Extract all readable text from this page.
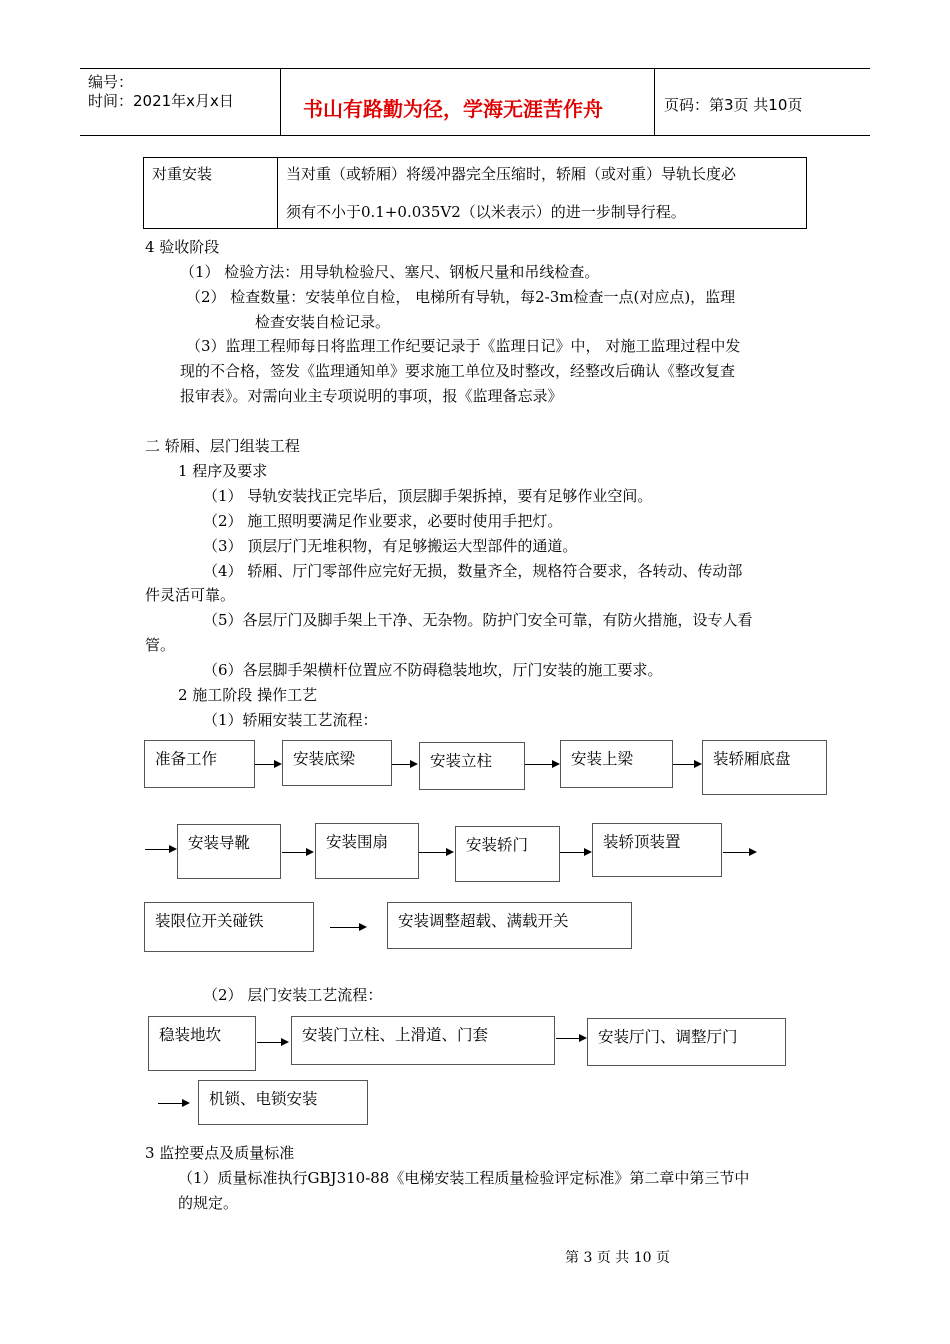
编号：
时间：2021年x月x日	书山有路勤为径，学海无涯苦作舟	页码：第3页 共10页
对重安装	当对重（或轿厢）将缓冲器完全压缩时，轿厢（或对重）导轨长度必
须有不小于0.1+0.035V2（以米表示）的进一步制导行程。
4 验收阶段
（1） 检验方法：用导轨检验尺、塞尺、钢板尺量和吊线检查。
（2） 检查数量：安装单位自检， 电梯所有导轨，每2-3m检查一点(对应点)，监理
检查安装自检记录。
（3）监理工程师每日将监理工作纪要记录于《监理日记》中， 对施工监理过程中发
现的不合格，签发《监理通知单》要求施工单位及时整改，经整改后确认《整改复查
报审表》。对需向业主专项说明的事项，报《监理备忘录》
二 轿厢、层门组装工程
1 程序及要求
（1） 导轨安装找正完毕后，顶层脚手架拆掉，要有足够作业空间。
（2） 施工照明要满足作业要求，必要时使用手把灯。
（3） 顶层厅门无堆积物，有足够搬运大型部件的通道。
（4） 轿厢、厅门零部件应完好无损，数量齐全，规格符合要求，各转动、传动部
件灵活可靠。
（5）各层厅门及脚手架上干净、无杂物。防护门安全可靠，有防火措施，设专人看
管。
（6）各层脚手架横杆位置应不防碍稳装地坎，厅门安装的施工要求。
2 施工阶段 操作工艺
（1）轿厢安装工艺流程：
准备工作	安装底梁	安装立柱	安装上梁	装轿厢底盘
安装导靴	安装围扇	安装轿门	装轿顶装置
装限位开关碰铁	安装调整超载、满载开关
（2） 层门安装工艺流程：
稳装地坎	安装门立柱、上滑道、门套	安装厅门、调整厅门
机锁、电锁安装
3 监控要点及质量标准
（1）质量标准执行GBJ310-88《电梯安装工程质量检验评定标准》第二章中第三节中
的规定。
第 3 页 共 10 页
